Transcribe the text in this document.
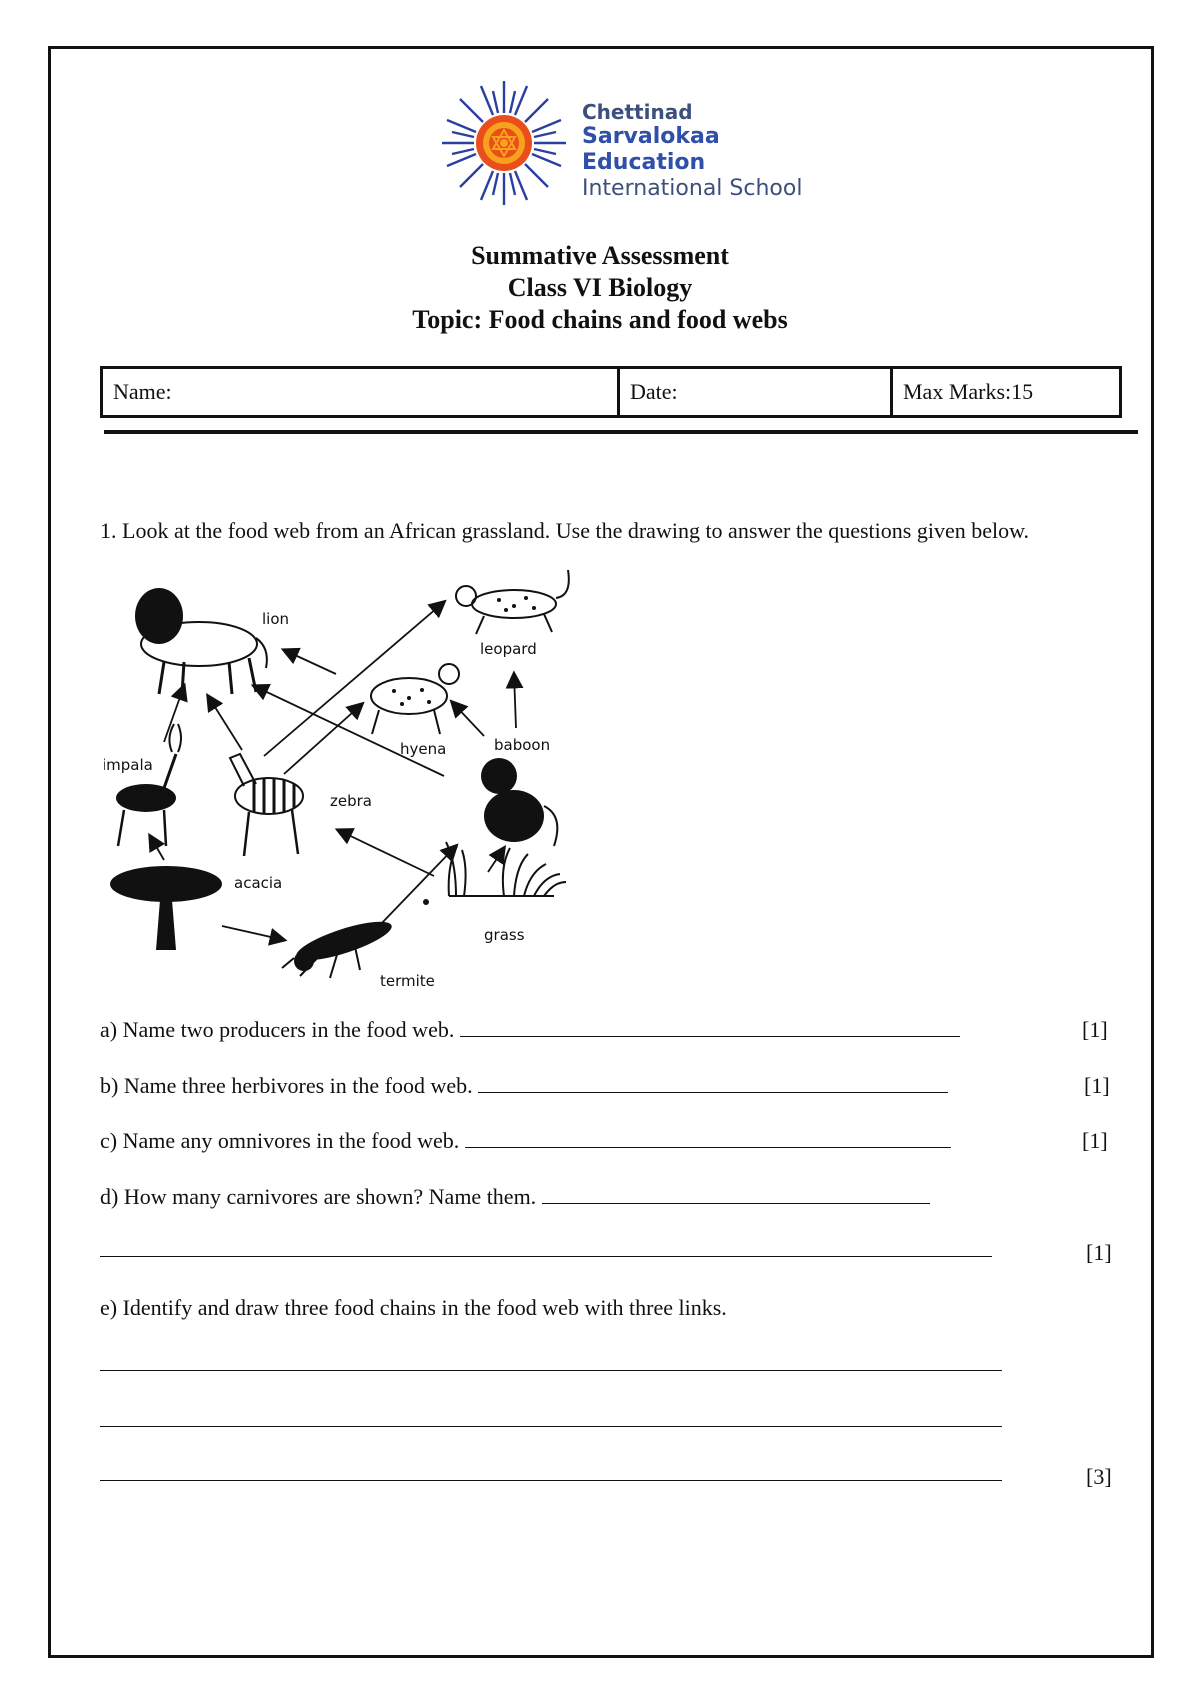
Chettinad
Sarvalokaa Education
International School
Summative Assessment
Class VI Biology
Topic: Food chains and food webs
Name:	Date:	Max Marks:15
1. Look at the food web from an African grassland. Use the drawing to answer the questions given below.
lion
leopard
hyena	baboon
impala
zebra
acacia
grass
termite
a) Name two producers in the food web.	[1]
b) Name three herbivores in the food web.	[1]
c) Name any omnivores in the food web.	[1]
d) How many carnivores are shown? Name them.
[1]
e) Identify and draw three food chains in the food web with three links.
[3]
